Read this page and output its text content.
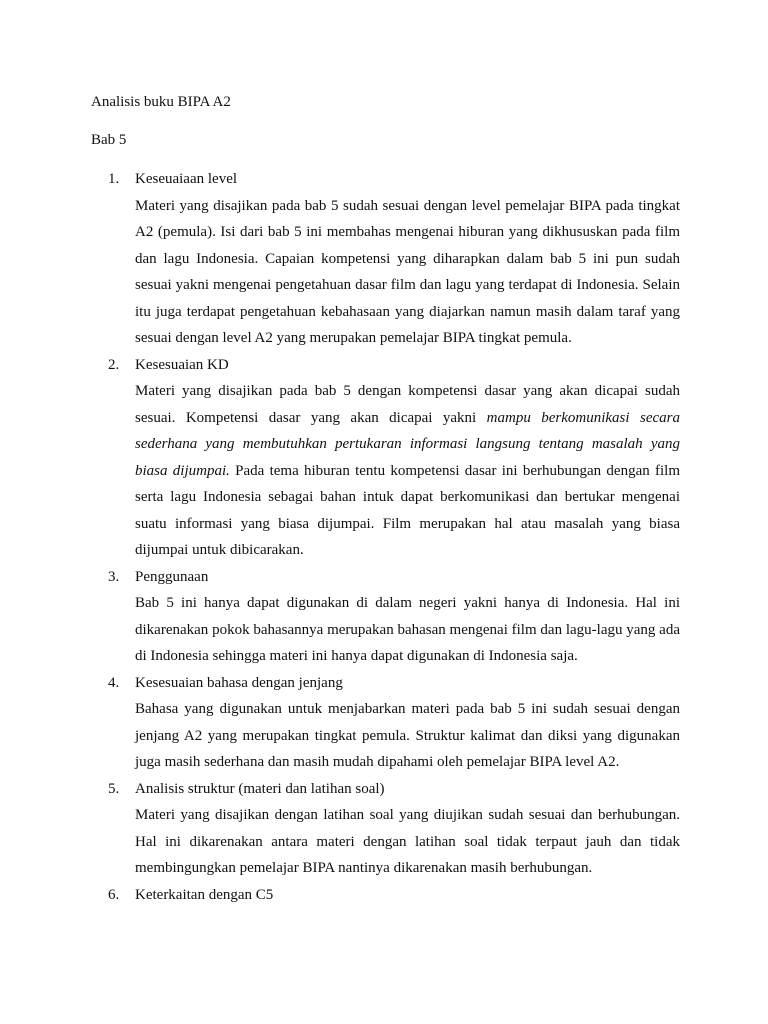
Analisis buku BIPA A2

Bab 5

1. Keseuaiaan level

Materi yang disajikan pada bab 5 sudah sesuai dengan level pemelajar BIPA pada tingkat A2 (pemula). Isi dari bab 5 ini membahas mengenai hiburan yang dikhususkan pada film dan lagu Indonesia. Capaian kompetensi yang diharapkan dalam bab 5 ini pun sudah sesuai yakni mengenai pengetahuan dasar film dan lagu yang terdapat di Indonesia. Selain itu juga terdapat pengetahuan kebahasaan yang diajarkan namun masih dalam taraf yang sesuai dengan level A2 yang merupakan pemelajar BIPA tingkat pemula.

2. Kesesuaian KD

Materi yang disajikan pada bab 5 dengan kompetensi dasar yang akan dicapai sudah sesuai. Kompetensi dasar yang akan dicapai yakni mampu berkomunikasi secara sederhana yang membutuhkan pertukaran informasi langsung tentang masalah yang biasa dijumpai. Pada tema hiburan tentu kompetensi dasar ini berhubungan dengan film serta lagu Indonesia sebagai bahan intuk dapat berkomunikasi dan bertukar mengenai suatu informasi yang biasa dijumpai. Film merupakan hal atau masalah yang biasa dijumpai untuk dibicarakan.

3. Penggunaan

Bab 5 ini hanya dapat digunakan di dalam negeri yakni hanya di Indonesia. Hal ini dikarenakan pokok bahasannya merupakan bahasan mengenai film dan lagu-lagu yang ada di Indonesia sehingga materi ini hanya dapat digunakan di Indonesia saja.

4. Kesesuaian bahasa dengan jenjang

Bahasa yang digunakan untuk menjabarkan materi pada bab 5 ini sudah sesuai dengan jenjang A2 yang merupakan tingkat pemula. Struktur kalimat dan diksi yang digunakan juga masih sederhana dan masih mudah dipahami oleh pemelajar BIPA level A2.

5. Analisis struktur (materi dan latihan soal)

Materi yang disajikan dengan latihan soal yang diujikan sudah sesuai dan berhubungan. Hal ini dikarenakan antara materi dengan latihan soal tidak terpaut jauh dan tidak membingungkan pemelajar BIPA nantinya dikarenakan masih berhubungan.

6. Keterkaitan dengan C5
